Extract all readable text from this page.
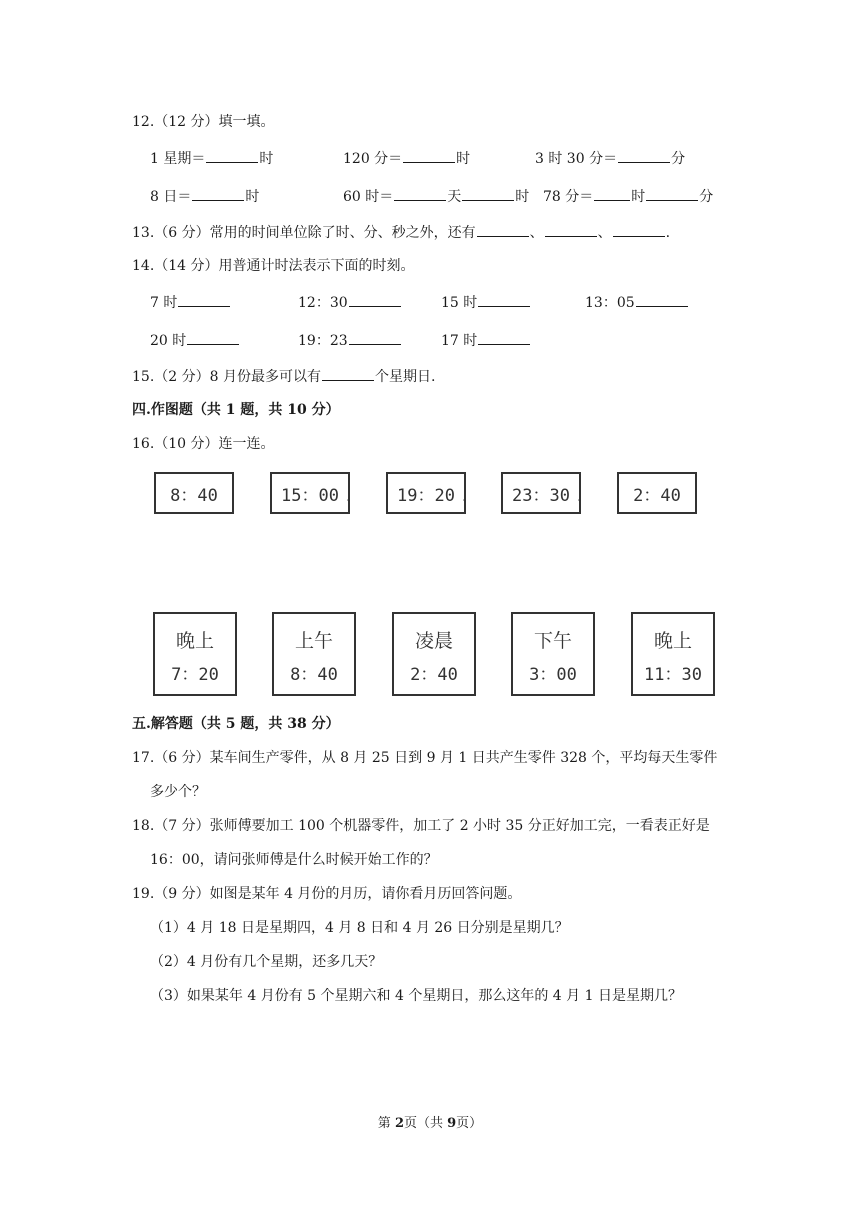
12.（12 分）填一填。
1 星期＝	时	120 分＝	时	3 时 30 分＝	分
8 日＝	时	60 时＝	天	时 78 分＝	时	分
13.（6 分）常用的时间单位除了时、分、秒之外，还有	、	、	.
14.（14 分）用普通计时法表示下面的时刻。
7 时	12：30	15 时	13：05
20 时	19：23	17 时
15.（2 分）8 月份最多可以有	个星期日.
四.作图题（共 1 题，共 10 分）
16.（10 分）连一连。
8：40	15：00 .	19：20 .	23：30 .	2：40
晚上
7：20
上午
8：40
凌晨
2：40
下午
3：00
晚上
11：30
五.解答题（共 5 题，共 38 分）
17.（6 分）某车间生产零件，从 8 月 25 日到 9 月 1 日共产生零件 328 个，平均每天生零件
多少个？
18.（7 分）张师傅要加工 100 个机器零件，加工了 2 小时 35 分正好加工完，一看表正好是
16：00，请问张师傅是什么时候开始工作的？
19.（9 分）如图是某年 4 月份的月历，请你看月历回答问题。
（1）4 月 18 日是星期四，4 月 8 日和 4 月 26 日分别是星期几？
（2）4 月份有几个星期，还多几天？
（3）如果某年 4 月份有 5 个星期六和 4 个星期日，那么这年的 4 月 1 日是星期几？
第 2页（共 9页）
